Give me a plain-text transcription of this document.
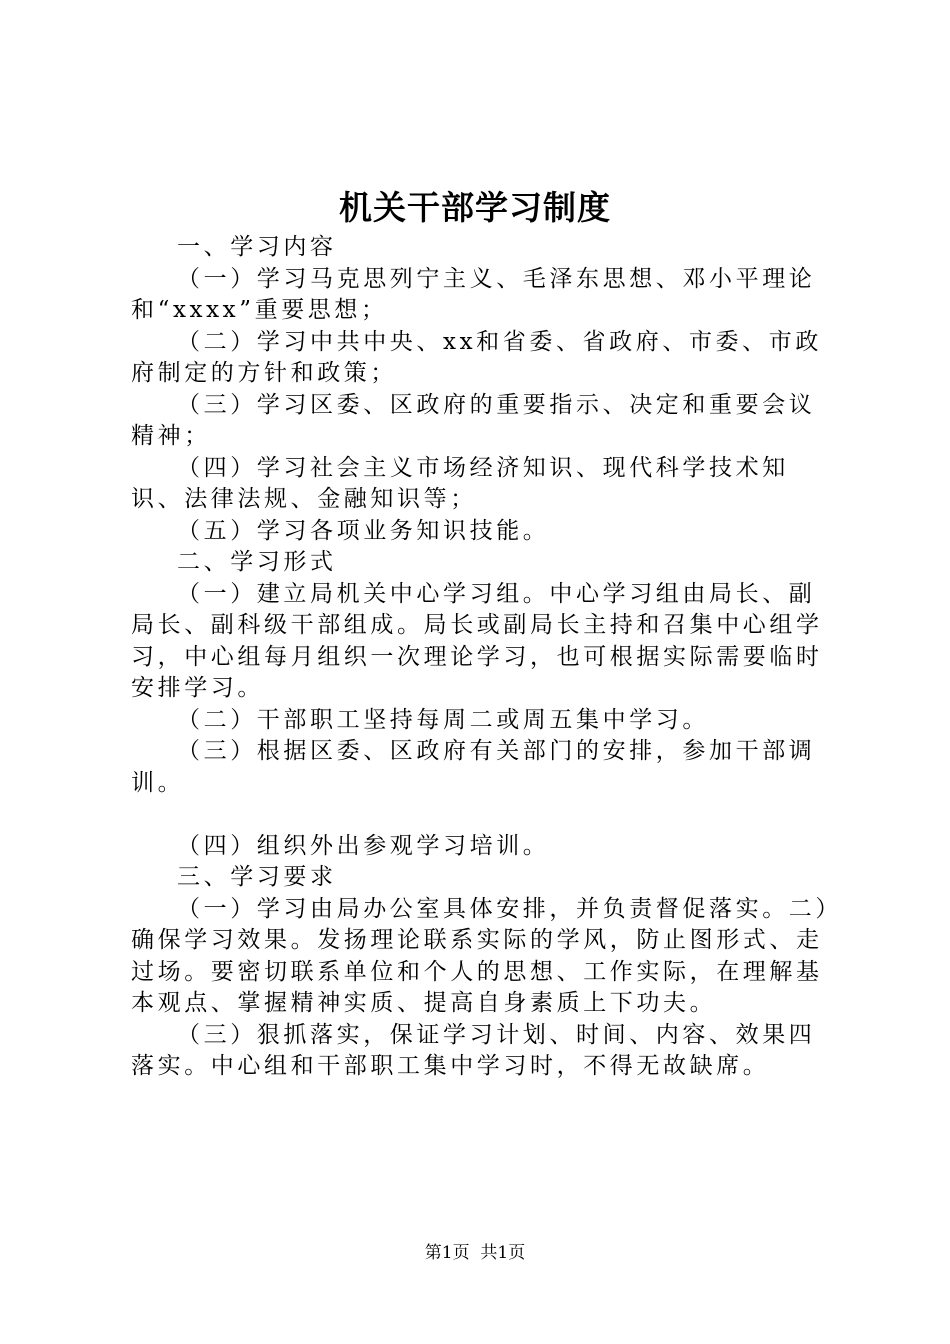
机关干部学习制度

一、学习内容

（一）学习马克思列宁主义、毛泽东思想、邓小平理论和“xxxx”重要思想；

（二）学习中共中央、xx和省委、省政府、市委、市政府制定的方针和政策；

（三）学习区委、区政府的重要指示、决定和重要会议精神；

（四）学习社会主义市场经济知识、现代科学技术知识、法律法规、金融知识等；

（五）学习各项业务知识技能。

二、学习形式

（一）建立局机关中心学习组。中心学习组由局长、副局长、副科级干部组成。局长或副局长主持和召集中心组学习，中心组每月组织一次理论学习，也可根据实际需要临时安排学习。

（二）干部职工坚持每周二或周五集中学习。

（三）根据区委、区政府有关部门的安排，参加干部调训。

（四）组织外出参观学习培训。

三、学习要求

（一）学习由局办公室具体安排，并负责督促落实。二）确保学习效果。发扬理论联系实际的学风，防止图形式、走过场。要密切联系单位和个人的思想、工作实际，在理解基本观点、掌握精神实质、提高自身素质上下功夫。

（三）狠抓落实，保证学习计划、时间、内容、效果四落实。中心组和干部职工集中学习时，不得无故缺席。

第1页 共1页
